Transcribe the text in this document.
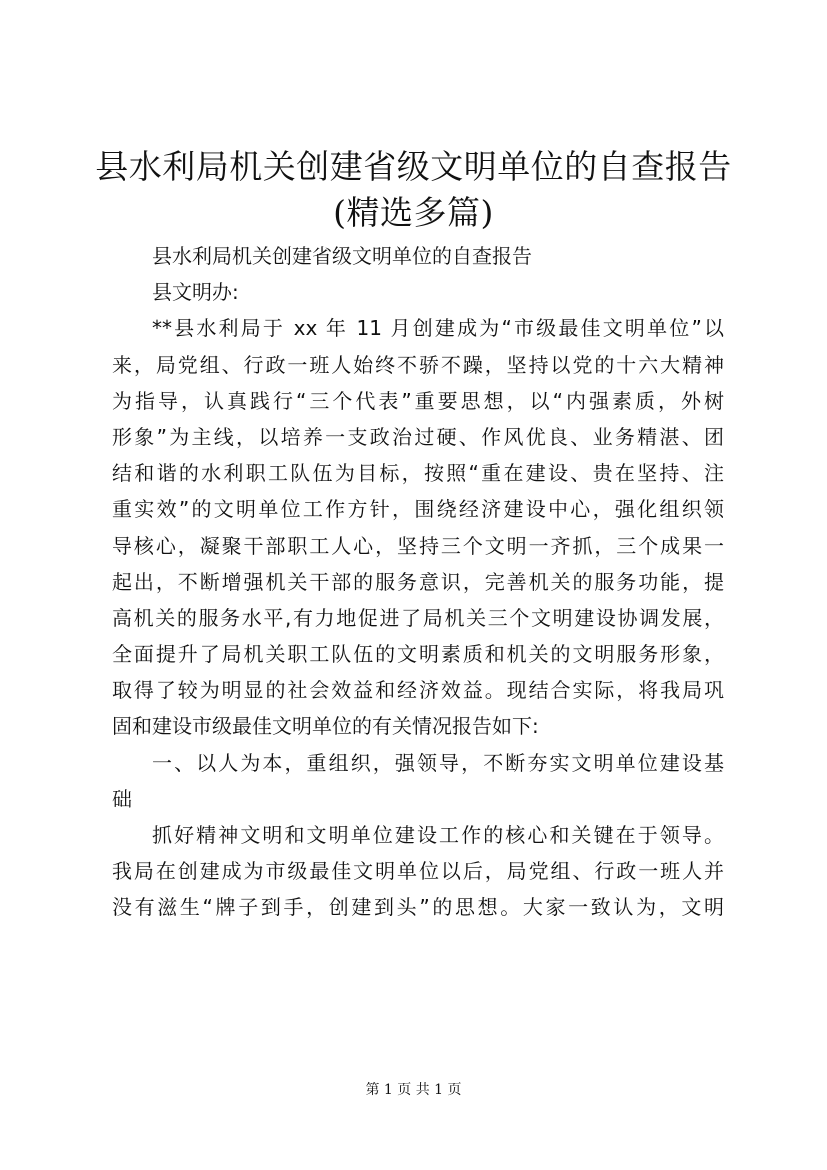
县水利局机关创建省级文明单位的自查报告
(精选多篇)
县水利局机关创建省级文明单位的自查报告
县文明办:
**县水利局于 xx 年 11 月创建成为“市级最佳文明单位”以
来，局党组、行政一班人始终不骄不躁，坚持以党的十六大精神
为指导，认真践行“三个代表”重要思想，以“内强素质，外树
形象”为主线，以培养一支政治过硬、作风优良、业务精湛、团
结和谐的水利职工队伍为目标，按照“重在建设、贵在坚持、注
重实效”的文明单位工作方针，围绕经济建设中心，强化组织领
导核心，凝聚干部职工人心，坚持三个文明一齐抓，三个成果一
起出，不断增强机关干部的服务意识，完善机关的服务功能，提
高机关的服务水平,有力地促进了局机关三个文明建设协调发展，
全面提升了局机关职工队伍的文明素质和机关的文明服务形象，
取得了较为明显的社会效益和经济效益。现结合实际，将我局巩
固和建设市级最佳文明单位的有关情况报告如下:
一、以人为本，重组织，强领导，不断夯实文明单位建设基
础
抓好精神文明和文明单位建设工作的核心和关键在于领导。
我局在创建成为市级最佳文明单位以后，局党组、行政一班人并
没有滋生“牌子到手，创建到头”的思想。大家一致认为，文明
第 1 页 共 1 页
